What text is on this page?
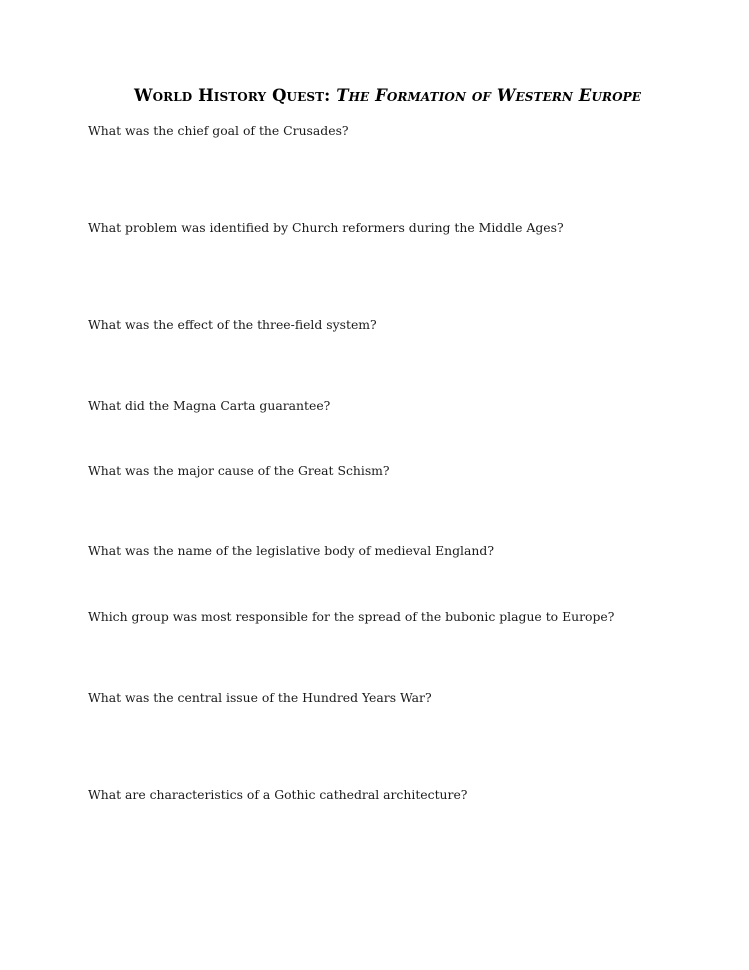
World History Quest: The Formation of Western Europe
What was the chief goal of the Crusades?
What problem was identified by Church reformers during the Middle Ages?
What was the effect of the three-field system?
What did the Magna Carta guarantee?
What was the major cause of the Great Schism?
What was the name of the legislative body of medieval England?
Which group was most responsible for the spread of the bubonic plague to Europe?
What was the central issue of the Hundred Years War?
What are characteristics of a Gothic cathedral architecture?
